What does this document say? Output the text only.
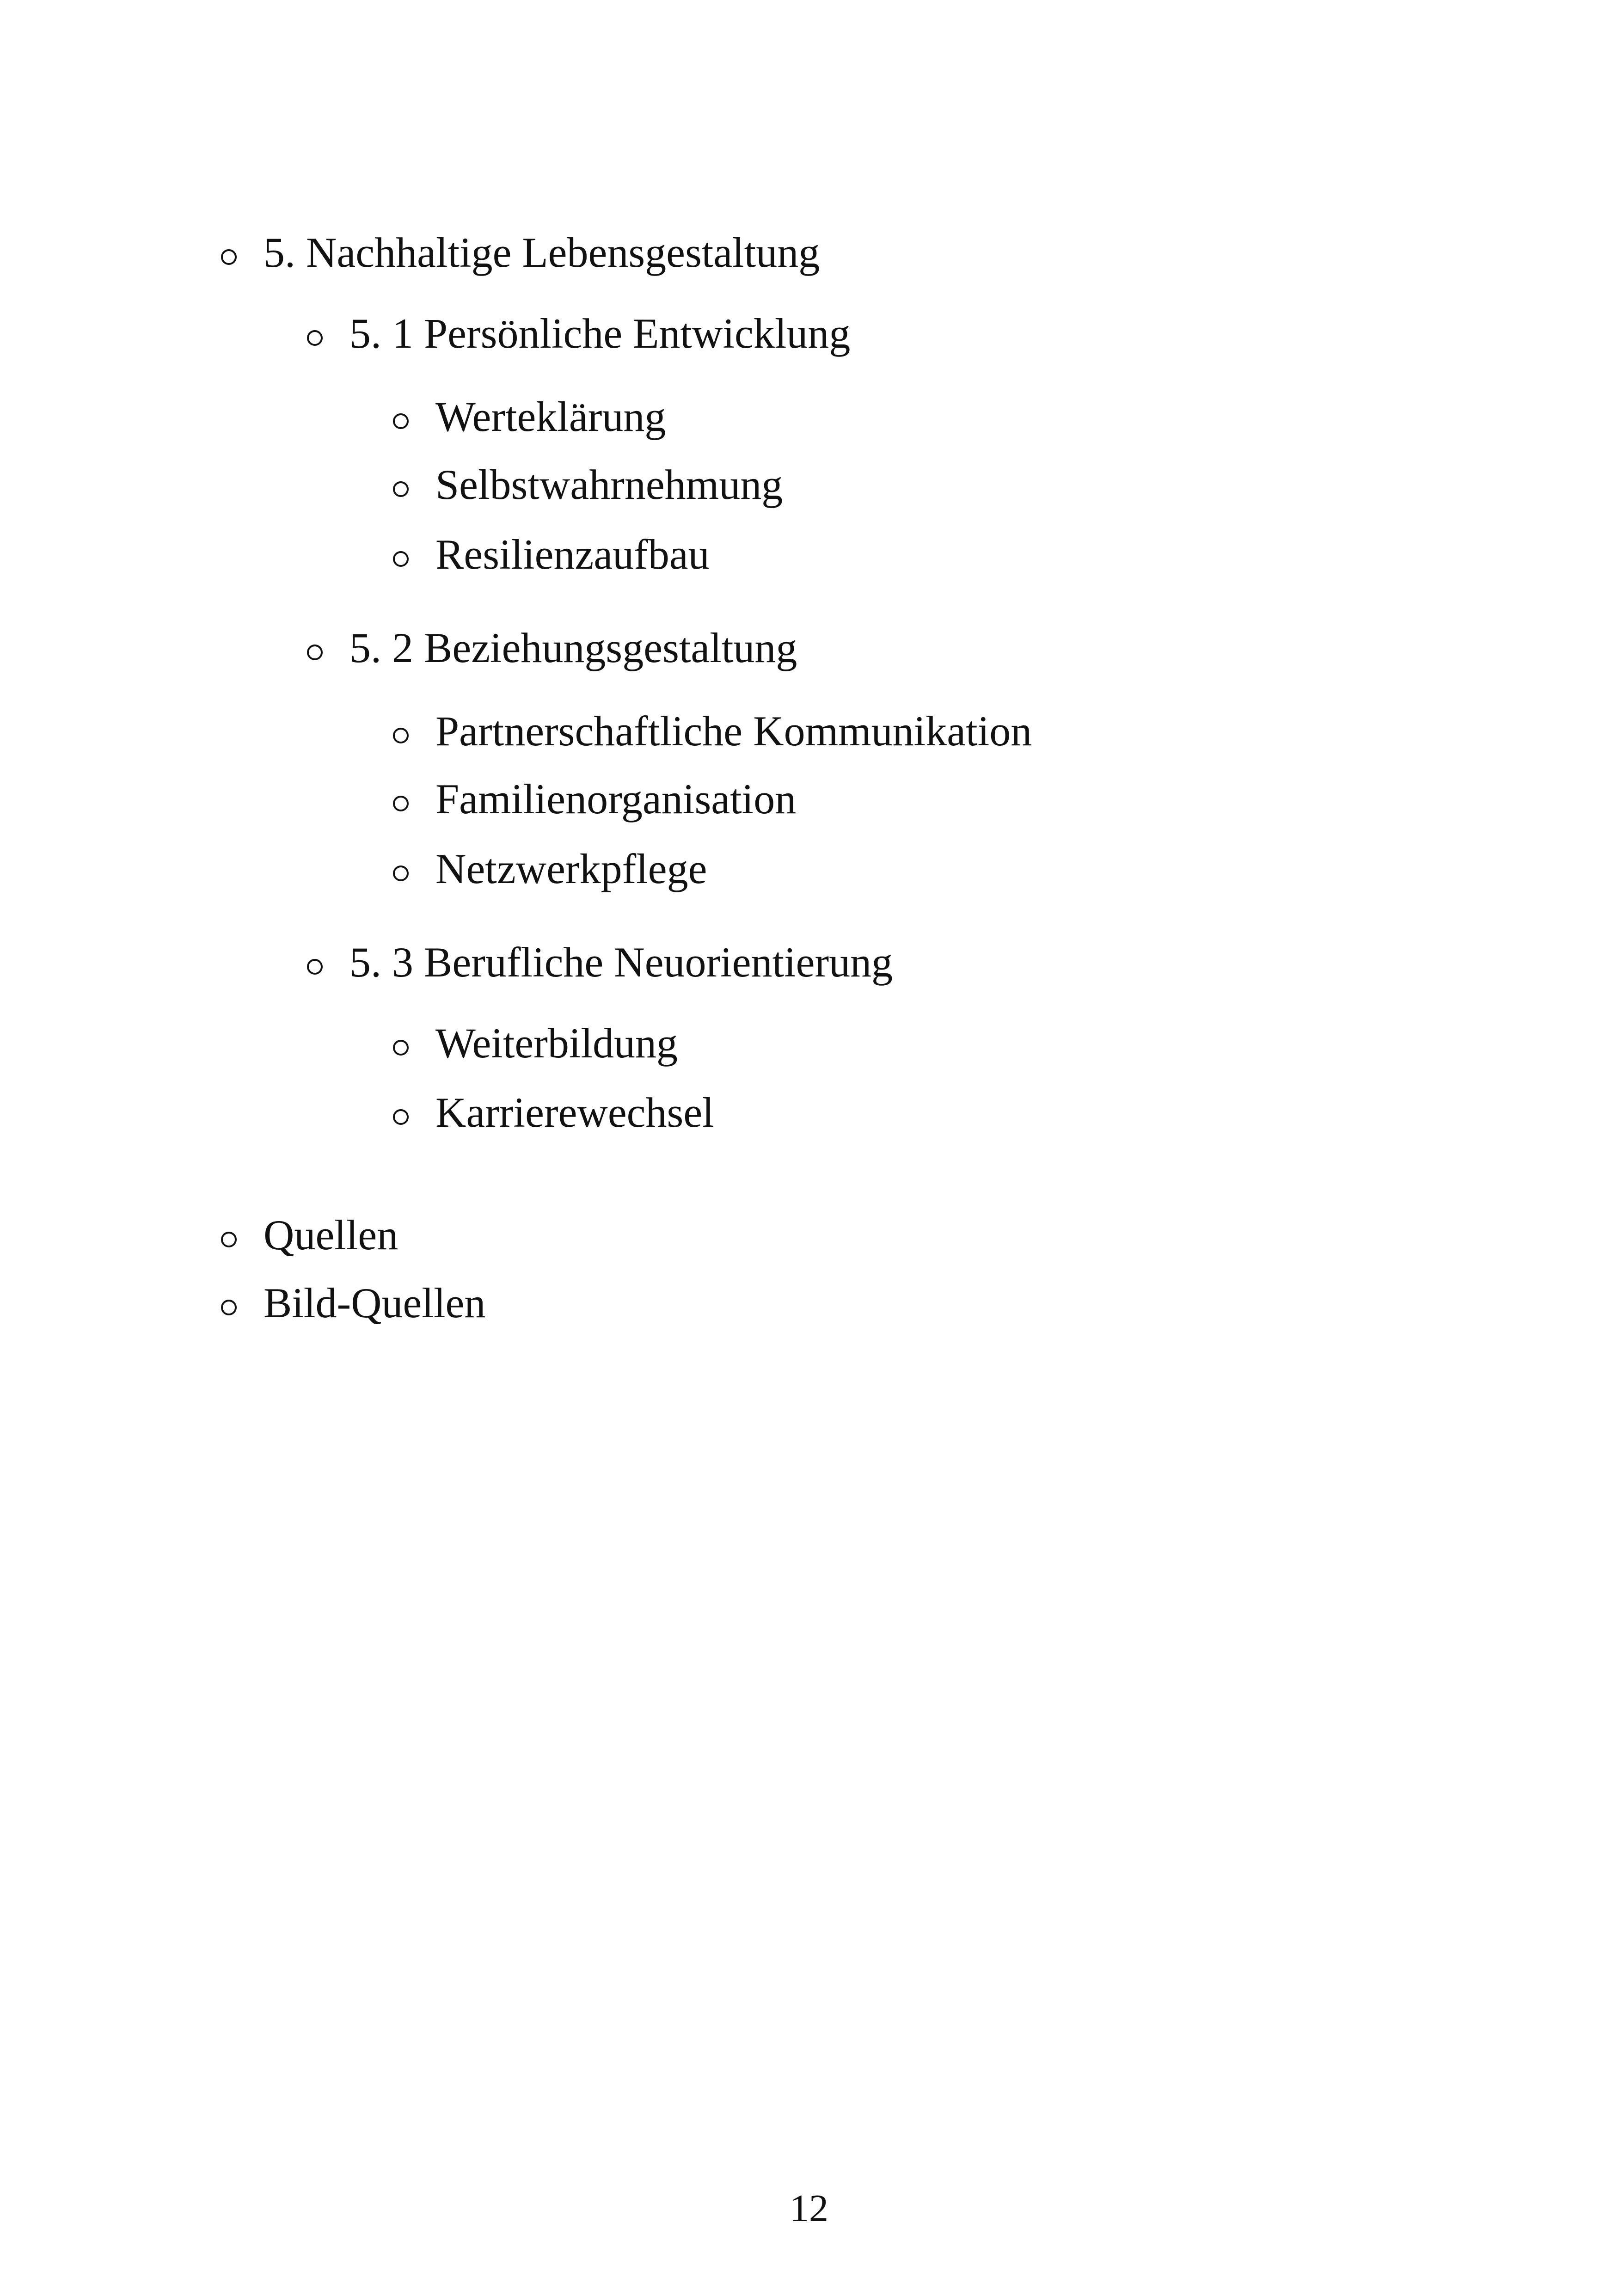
5. Nachhaltige Lebensgestaltung
5. 1 Persönliche Entwicklung
Werteklärung
Selbstwahrnehmung
Resilienzaufbau
5. 2 Beziehungsgestaltung
Partnerschaftliche Kommunikation
Familienorganisation
Netzwerkpflege
5. 3 Berufliche Neuorientierung
Weiterbildung
Karrierewechsel
Quellen
Bild-Quellen
12
